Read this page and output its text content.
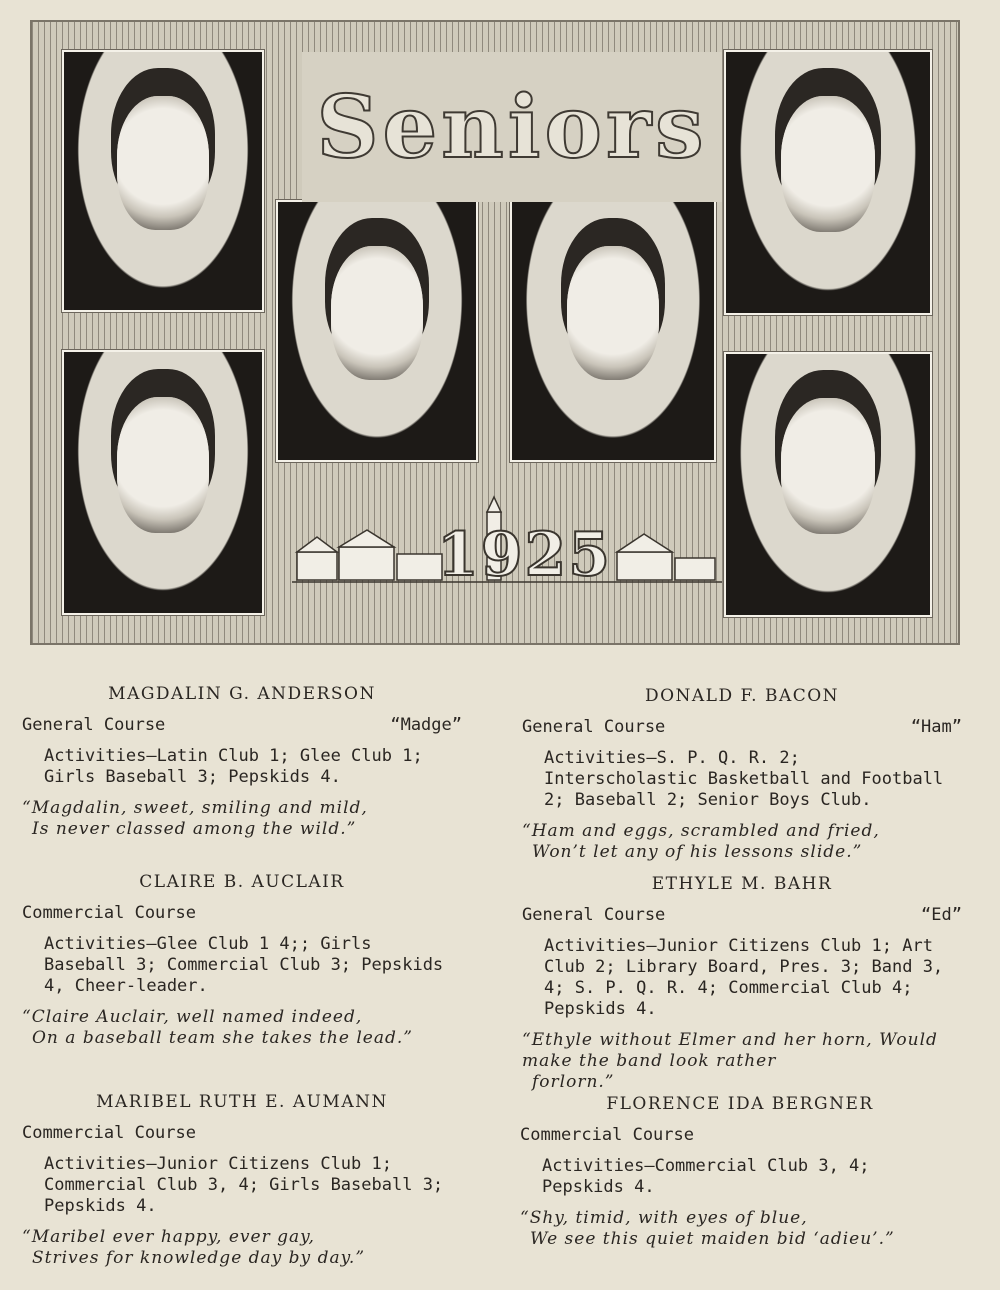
Seniors
1925
MAGDALIN G. ANDERSON
General Course	“Madge”
Activities—Latin Club 1; Glee Club 1; Girls Baseball 3; Pepskids 4.
“Magdalin, sweet, smiling and mild,
Is never classed among the wild.”
CLAIRE B. AUCLAIR
Commercial Course
Activities—Glee Club 1 4;; Girls Baseball 3; Commercial Club 3; Pepskids 4, Cheer-leader.
“Claire Auclair, well named indeed,
On a baseball team she takes the lead.”
MARIBEL RUTH E. AUMANN
Commercial Course
Activities—Junior Citizens Club 1; Commercial Club 3, 4; Girls Baseball 3; Pepskids 4.
“Maribel ever happy, ever gay,
Strives for knowledge day by day.”
DONALD F. BACON
General Course	“Ham”
Activities—S. P. Q. R. 2; Interscholastic Basketball and Football 2; Baseball 2; Senior Boys Club.
“Ham and eggs, scrambled and fried,
Won’t let any of his lessons slide.”
ETHYLE M. BAHR
General Course	“Ed”
Activities—Junior Citizens Club 1; Art Club 2; Library Board, Pres. 3; Band 3, 4; S. P. Q. R. 4; Commercial Club 4; Pepskids 4.
“Ethyle without Elmer and her horn, Would make the band look rather
forlorn.”
FLORENCE IDA BERGNER
Commercial Course
Activities—Commercial Club 3, 4; Pepskids 4.
“Shy, timid, with eyes of blue,
We see this quiet maiden bid ‘adieu’.”
